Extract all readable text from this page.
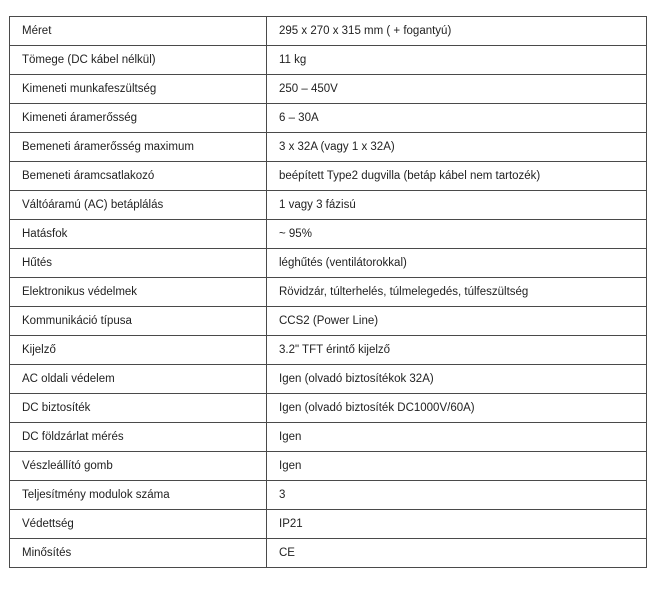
Méret	295 x 270 x 315 mm ( + fogantyú)
Tömege (DC kábel nélkül)	11 kg
Kimeneti munkafeszültség	250 – 450V
Kimeneti áramerősség	6 – 30A
Bemeneti áramerősség maximum	3 x 32A (vagy 1 x 32A)
Bemeneti áramcsatlakozó	beépített Type2 dugvilla (betáp kábel nem tartozék)
Váltóáramú (AC) betáplálás	1 vagy 3 fázisú
Hatásfok	~ 95%
Hűtés	léghűtés (ventilátorokkal)
Elektronikus védelmek	Rövidzár, túlterhelés, túlmelegedés, túlfeszültség
Kommunikáció típusa	CCS2 (Power Line)
Kijelző	3.2" TFT érintő kijelző
AC oldali védelem	Igen (olvadó biztosítékok 32A)
DC biztosíték	Igen (olvadó biztosíték DC1000V/60A)
DC földzárlat mérés	Igen
Vészleállító gomb	Igen
Teljesítmény modulok száma	3
Védettség	IP21
Minősítés	CE
